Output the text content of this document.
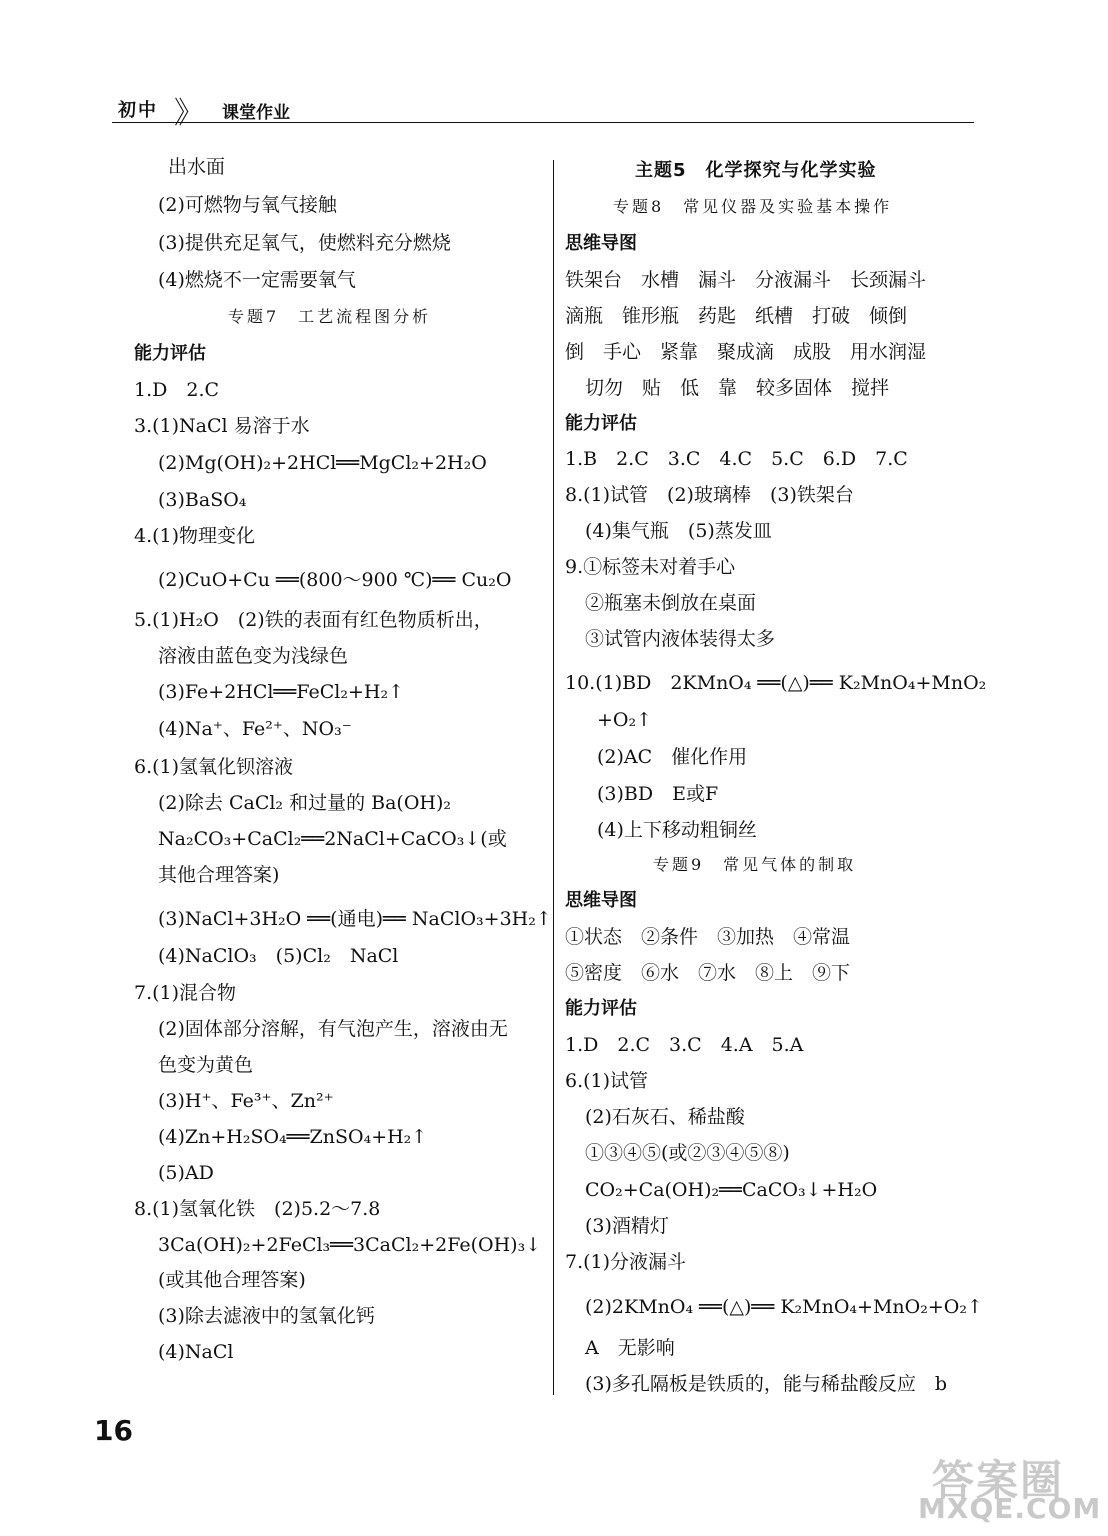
初中 》 课堂作业
出水面
(2)可燃物与氧气接触
(3)提供充足氧气，使燃料充分燃烧
(4)燃烧不一定需要氧气
专题7　工艺流程图分析
能力评估
1.D　2.C
3.(1)NaCl 易溶于水
(2)Mg(OH)₂+2HCl══MgCl₂+2H₂O
(3)BaSO₄
4.(1)物理变化
(2)CuO+Cu ══(800～900 ℃)══ Cu₂O
5.(1)H₂O　(2)铁的表面有红色物质析出，
溶液由蓝色变为浅绿色
(3)Fe+2HCl══FeCl₂+H₂↑
(4)Na⁺、Fe²⁺、NO₃⁻
6.(1)氢氧化钡溶液
(2)除去 CaCl₂ 和过量的 Ba(OH)₂
Na₂CO₃+CaCl₂══2NaCl+CaCO₃↓(或
其他合理答案)
(3)NaCl+3H₂O ══(通电)══ NaClO₃+3H₂↑
(4)NaClO₃　(5)Cl₂　NaCl
7.(1)混合物
(2)固体部分溶解，有气泡产生，溶液由无
色变为黄色
(3)H⁺、Fe³⁺、Zn²⁺
(4)Zn+H₂SO₄══ZnSO₄+H₂↑
(5)AD
8.(1)氢氧化铁　(2)5.2～7.8
3Ca(OH)₂+2FeCl₃══3CaCl₂+2Fe(OH)₃↓
(或其他合理答案)
(3)除去滤液中的氢氧化钙
(4)NaCl
主题5　化学探究与化学实验
专题8　常见仪器及实验基本操作
思维导图
铁架台　水槽　漏斗　分液漏斗　长颈漏斗
滴瓶　锥形瓶　药匙　纸槽　打破　倾倒
倒　手心　紧靠　聚成滴　成股　用水润湿
切勿　贴　低　靠　较多固体　搅拌
能力评估
1.B　2.C　3.C　4.C　5.C　6.D　7.C
8.(1)试管　(2)玻璃棒　(3)铁架台
(4)集气瓶　(5)蒸发皿
9.①标签未对着手心
②瓶塞未倒放在桌面
③试管内液体装得太多
10.(1)BD　2KMnO₄ ══(△)══ K₂MnO₄+MnO₂
+O₂↑
(2)AC　催化作用
(3)BD　E或F
(4)上下移动粗铜丝
专题9　常见气体的制取
思维导图
①状态　②条件　③加热　④常温
⑤密度　⑥水　⑦水　⑧上　⑨下
能力评估
1.D　2.C　3.C　4.A　5.A
6.(1)试管
(2)石灰石、稀盐酸
①③④⑤(或②③④⑤⑧)
CO₂+Ca(OH)₂══CaCO₃↓+H₂O
(3)酒精灯
7.(1)分液漏斗
(2)2KMnO₄ ══(△)══ K₂MnO₄+MnO₂+O₂↑
A　无影响
(3)多孔隔板是铁质的，能与稀盐酸反应　b
16
答案圈
MXQE.COM
